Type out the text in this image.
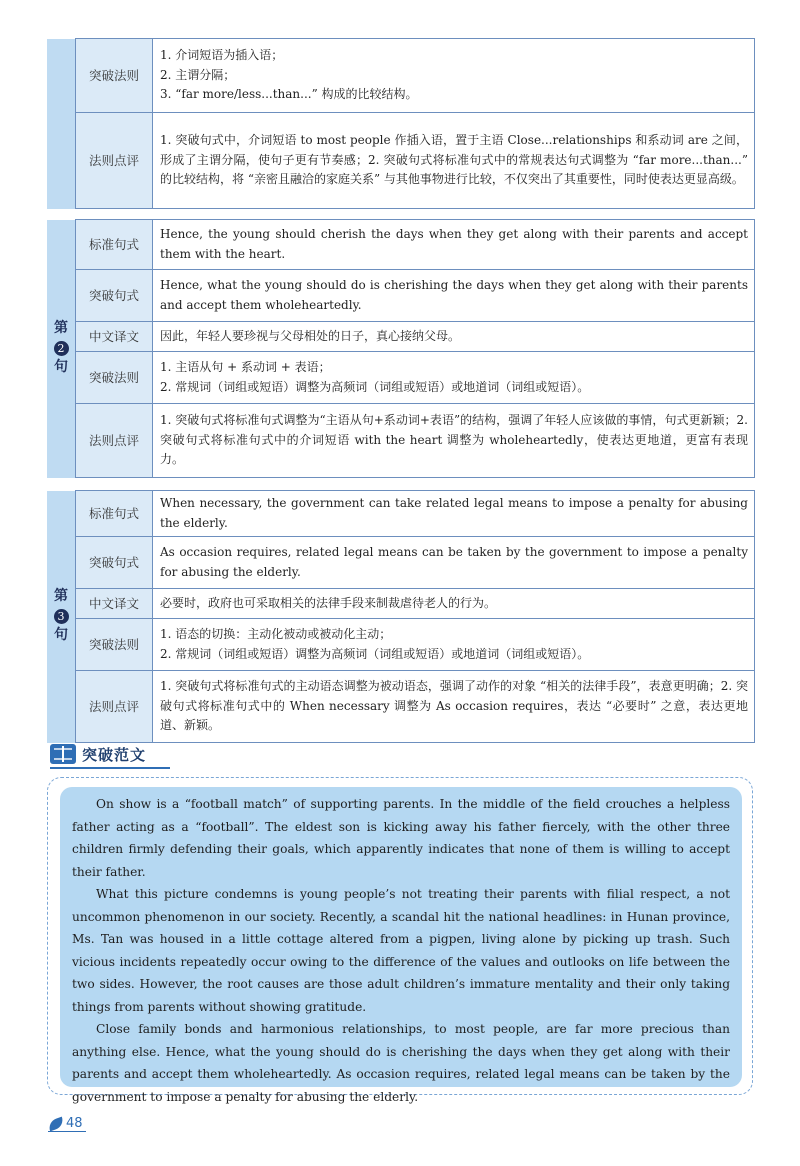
	突破法则	1. 介词短语为插入语；
2. 主谓分隔；
3. “far more/less...than...” 构成的比较结构。

	法则点评	1. 突破句式中，介词短语 to most people 作插入语，置于主语 Close...relationships 和系动词 are 之间，形成了主谓分隔，使句子更有节奏感；2. 突破句式将标准句式中的常规表达句式调整为 “far more...than...” 的比较结构，将 “亲密且融洽的家庭关系” 与其他事物进行比较，不仅突出了其重要性，同时使表达更显高级。
第
2
句	标准句式	Hence, the young should cherish the days when they get along with their parents and accept them with the heart.
	突破句式	Hence, what the young should do is cherishing the days when they get along with their parents and accept them wholeheartedly.
	中文译文	因此，年轻人要珍视与父母相处的日子，真心接纳父母。
	突破法则	1. 主语从句 + 系动词 + 表语；
2. 常规词（词组或短语）调整为高频词（词组或短语）或地道词（词组或短语）。

	法则点评	1. 突破句式将标准句式调整为“主语从句+系动词+表语”的结构，强调了年轻人应该做的事情，句式更新颖；2. 突破句式将标准句式中的介词短语 with the heart 调整为 wholeheartedly，使表达更地道，更富有表现力。
第
3
句	标准句式	When necessary, the government can take related legal means to impose a penalty for abusing the elderly.
	突破句式	As occasion requires, related legal means can be taken by the government to impose a penalty for abusing the elderly.
	中文译文	必要时，政府也可采取相关的法律手段来制裁虐待老人的行为。
	突破法则	1. 语态的切换：主动化被动或被动化主动；
2. 常规词（词组或短语）调整为高频词（词组或短语）或地道词（词组或短语）。

	法则点评	1. 突破句式将标准句式的主动语态调整为被动语态，强调了动作的对象 “相关的法律手段”，表意更明确；2. 突破句式将标准句式中的 When necessary 调整为 As occasion requires，表达 “必要时” 之意，表达更地道、新颖。
突破范文

On show is a “football match” of supporting parents. In the middle of the field crouches a helpless father acting as a “football”. The eldest son is kicking away his father fiercely, with the other three children firmly defending their goals, which apparently indicates that none of them is willing to accept their father.

What this picture condemns is young people’s not treating their parents with filial respect, a not uncommon phenomenon in our society. Recently, a scandal hit the national headlines: in Hunan province, Ms. Tan was housed in a little cottage altered from a pigpen, living alone by picking up trash. Such vicious incidents repeatedly occur owing to the difference of the values and outlooks on life between the two sides. However, the root causes are those adult children’s immature mentality and their only taking things from parents without showing gratitude.

Close family bonds and harmonious relationships, to most people, are far more precious than anything else. Hence, what the young should do is cherishing the days when they get along with their parents and accept them wholeheartedly. As occasion requires, related legal means can be taken by the government to impose a penalty for abusing the elderly.

48
